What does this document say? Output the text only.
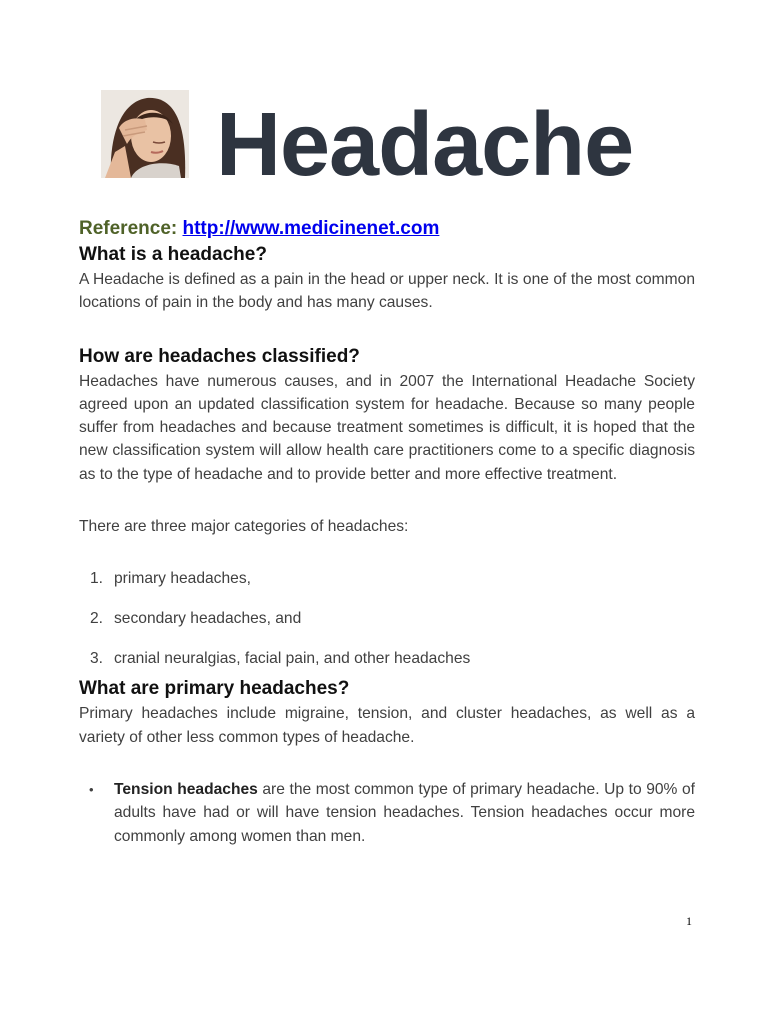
Headache
Reference: http://www.medicinenet.com
What is a headache?

A Headache is defined as a pain in the head or upper neck. It is one of the most common locations of pain in the body and has many causes.

How are headaches classified?

Headaches have numerous causes, and in 2007 the International Headache Society agreed upon an updated classification system for headache. Because so many people suffer from headaches and because treatment sometimes is difficult, it is hoped that the new classification system will allow health care practitioners come to a specific diagnosis as to the type of headache and to provide better and more effective treatment.

There are three major categories of headaches:

1. primary headaches,
2. secondary headaches, and
3. cranial neuralgias, facial pain, and other headaches
What are primary headaches?

Primary headaches include migraine, tension, and cluster headaches, as well as a variety of other less common types of headache.

• Tension headaches are the most common type of primary headache. Up to 90% of adults have had or will have tension headaches. Tension headaches occur more commonly among women than men.
1
